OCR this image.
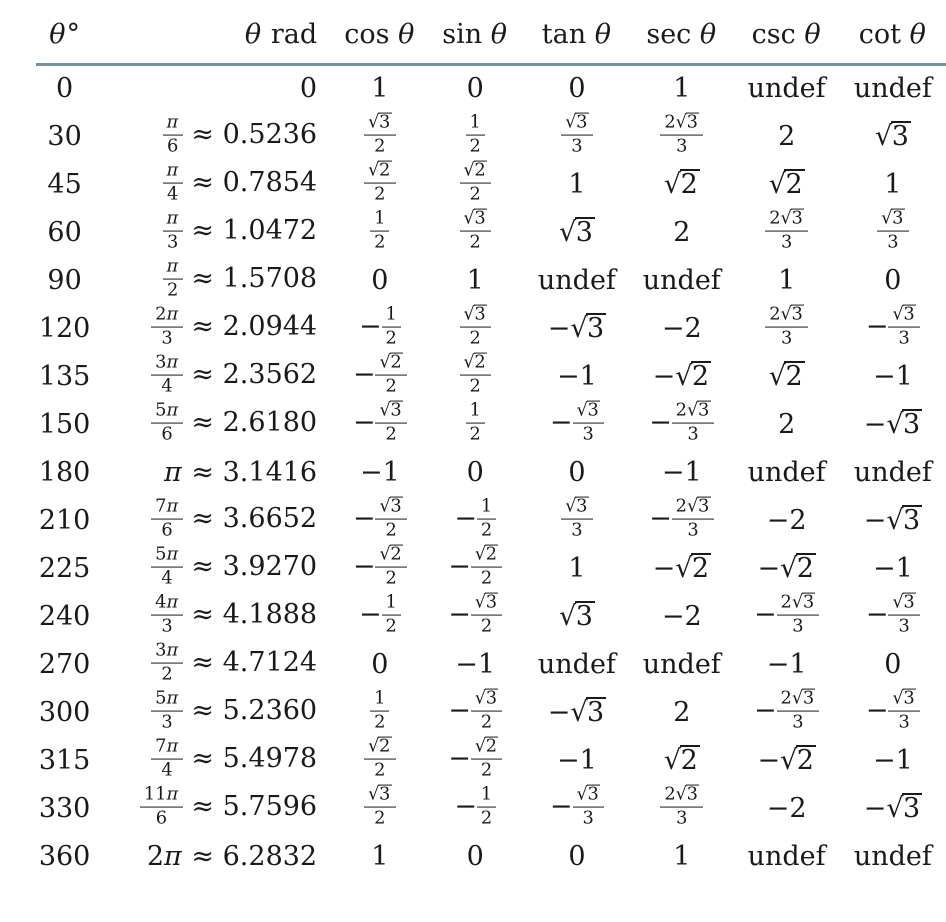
θ°	θ rad	cos θ	sin θ	tan θ	sec θ	csc θ	cot θ
0	0	1	0	0	1	undef	undef
30	$\frac{\pi}{6} \approx 0.5236$	$\frac{√3}{2}$	$\frac{1}{2}$	$\frac{√3}{3}$	$\frac{2√3}{3}$	2	√3
45	$\frac{\pi}{4} \approx 0.7854$	$\frac{√2}{2}$	$\frac{√2}{2}$	1	√2	√2	1
60	$\frac{\pi}{3} \approx 1.0472$	$\frac{1}{2}$	$\frac{√3}{2}$	√3	2	$\frac{2√3}{3}$	$\frac{√3}{3}$

90	$\frac{\pi}{2} \approx 1.5708$	0	1	undef	undef	1	0
120	$\frac{2\pi}{3} \approx 2.0944$	− $\frac{1}{2}$	$\frac{√3}{2}$	−√3	−2	$\frac{2√3}{3}$	− $\frac{√3}{3}$

135	$\frac{3\pi}{4} \approx 2.3562$	− $\frac{√2}{2}$	$\frac{√2}{2}$	−1	−√2	√2	−1
150	$\frac{5\pi}{6} \approx 2.6180$	− $\frac{√3}{2}$	$\frac{1}{2}$	− $\frac{√3}{3}$	− $\frac{2√3}{3}$	2	−√3
180	π ≈ 3.1416	−1	0	0	−1	undef	undef
210	$\frac{7\pi}{6} \approx 3.6652$	− $\frac{√3}{2}$	− $\frac{1}{2}$	$\frac{√3}{3}$	− $\frac{2√3}{3}$	−2	−√3
225	$\frac{5\pi}{4} \approx 3.9270$	− $\frac{√2}{2}$	− $\frac{√2}{2}$	1	−√2	−√2	−1
240	$\frac{4\pi}{3} \approx 4.1888$	− $\frac{1}{2}$	− $\frac{√3}{2}$	√3	−2	− $\frac{2√3}{3}$	− $\frac{√3}{3}$

270	$\frac{3\pi}{2} \approx 4.7124$	0	−1	undef	undef	−1	0
300	$\frac{5\pi}{3} \approx 5.2360$	$\frac{1}{2}$	− $\frac{√3}{2}$	−√3	2	− $\frac{2√3}{3}$	− $\frac{√3}{3}$

315	$\frac{7\pi}{4} \approx 5.4978$	$\frac{√2}{2}$	− $\frac{√2}{2}$	−1	√2	−√2	−1
330	$\frac{11\pi}{6} \approx 5.7596$	$\frac{√3}{2}$	− $\frac{1}{2}$	− $\frac{√3}{3}$	$\frac{2√3}{3}$	−2	−√3
360	2π ≈ 6.2832	1	0	0	1	undef	undef
